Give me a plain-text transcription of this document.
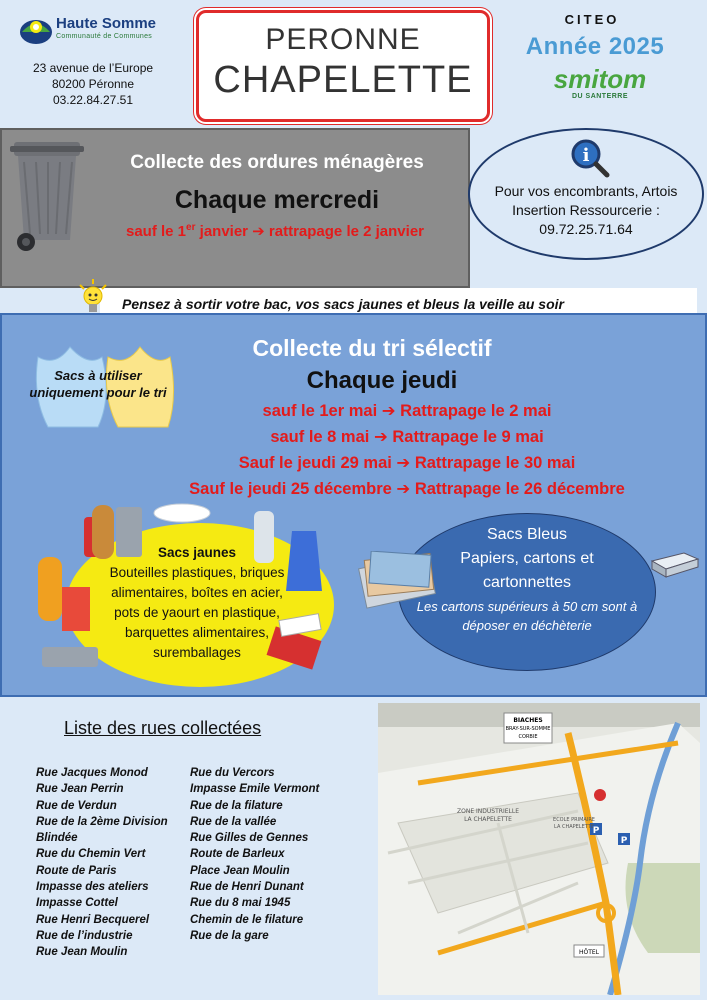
Haute Somme
Communauté de Communes
23 avenue de l’Europe
80200 Péronne
03.22.84.27.51
PERONNE
CHAPELETTE
CITEO
Année 2025
smitom
DU SANTERRE
Collecte des ordures ménagères
Chaque mercredi
sauf le 1er janvier ➔ rattrapage le 2 janvier
i
Pour vos encombrants, Artois Insertion Ressourcerie : 09.72.25.71.64
Pensez à sortir votre bac, vos sacs jaunes et bleus la veille au soir
Sacs à utiliser uniquement pour le tri
Collecte du tri sélectif
Chaque jeudi
sauf le 1er mai ➔ Rattrapage le 2 mai
sauf le 8 mai ➔ Rattrapage le 9 mai
Sauf le jeudi 29 mai ➔ Rattrapage le 30 mai
Sauf le jeudi 25 décembre ➔ Rattrapage le 26 décembre
Sacs jaunes
Bouteilles plastiques, briques alimentaires, boîtes en acier, pots de yaourt en plastique, barquettes alimentaires, suremballages
Sacs Bleus
Papiers, cartons et
cartonnettes
Les cartons supérieurs à 50 cm sont à déposer en déchèterie
Liste des rues collectées
Rue Jacques Monod
Rue Jean Perrin
Rue de Verdun
Rue de la 2ème Division
Blindée
Rue du Chemin Vert
Route de Paris
Impasse des ateliers
Impasse Cottel
Rue Henri Becquerel
Rue de l’industrie
Rue Jean Moulin
Rue du Vercors
Impasse Emile Vermont
Rue de la filature
Rue de la vallée
Rue Gilles de Gennes
Route de Barleux
Place Jean Moulin
Rue de Henri Dunant
Rue du 8 mai 1945
Chemin de le filature
Rue de la gare
P
P
BIACHES
BRAY-SUR-SOMME
CORBIE
ZONE INDUSTRIELLE
LA CHAPELETTE	ECOLE PRIMAIRE
LA CHAPELETTE
HÔTEL
